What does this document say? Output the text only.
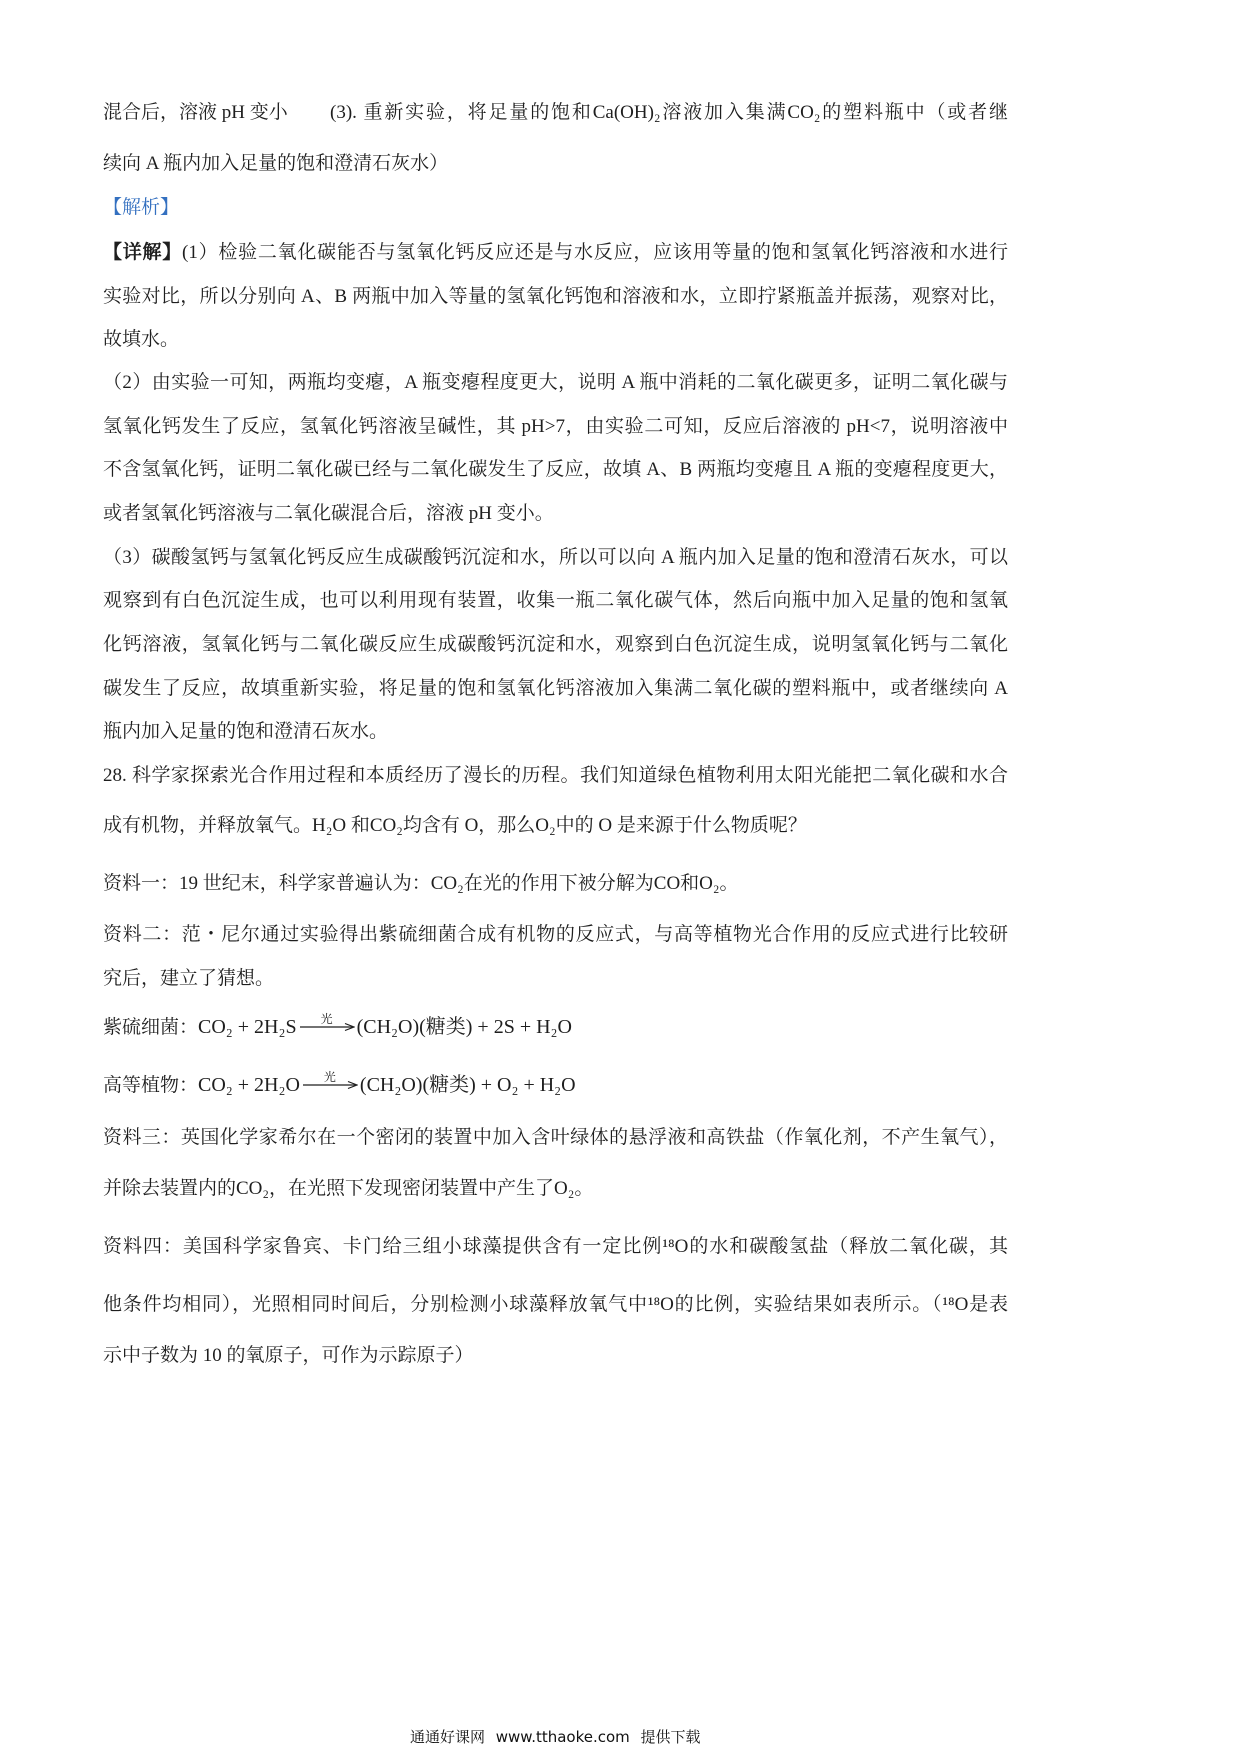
混合后，溶液 pH 变小 (3). 重新实验，将足量的饱和Ca(OH)₂溶液加入集满CO₂的塑料瓶中（或者继
续向 A 瓶内加入足量的饱和澄清石灰水）
【解析】
【详解】(1）检验二氧化碳能否与氢氧化钙反应还是与水反应，应该用等量的饱和氢氧化钙溶液和水进行
实验对比，所以分别向 A、B 两瓶中加入等量的氢氧化钙饱和溶液和水，立即拧紧瓶盖并振荡，观察对比，
故填水。
（2）由实验一可知，两瓶均变瘪，A 瓶变瘪程度更大，说明 A 瓶中消耗的二氧化碳更多，证明二氧化碳与
氢氧化钙发生了反应，氢氧化钙溶液呈碱性，其 pH>7，由实验二可知，反应后溶液的 pH<7，说明溶液中
不含氢氧化钙，证明二氧化碳已经与二氧化碳发生了反应，故填 A、B 两瓶均变瘪且 A 瓶的变瘪程度更大，
或者氢氧化钙溶液与二氧化碳混合后，溶液 pH 变小。
（3）碳酸氢钙与氢氧化钙反应生成碳酸钙沉淀和水，所以可以向 A 瓶内加入足量的饱和澄清石灰水，可以
观察到有白色沉淀生成，也可以利用现有装置，收集一瓶二氧化碳气体，然后向瓶中加入足量的饱和氢氧
化钙溶液，氢氧化钙与二氧化碳反应生成碳酸钙沉淀和水，观察到白色沉淀生成，说明氢氧化钙与二氧化
碳发生了反应，故填重新实验，将足量的饱和氢氧化钙溶液加入集满二氧化碳的塑料瓶中，或者继续向 A
瓶内加入足量的饱和澄清石灰水。
28. 科学家探索光合作用过程和本质经历了漫长的历程。我们知道绿色植物利用太阳光能把二氧化碳和水合
成有机物，并释放氧气。H₂O 和CO₂均含有 O，那么O₂中的 O 是来源于什么物质呢？
资料一：19 世纪末，科学家普遍认为：CO₂在光的作用下被分解为CO和O₂。
资料二：范・尼尔通过实验得出紫硫细菌合成有机物的反应式，与高等植物光合作用的反应式进行比较研
究后，建立了猜想。
紫硫细菌：CO₂ + 2H₂S	光	(CH₂O)(糖类) + 2S + H₂O
高等植物：CO₂ + 2H₂O	光	(CH₂O)(糖类) + O₂ + H₂O
资料三：英国化学家希尔在一个密闭的装置中加入含叶绿体的悬浮液和高铁盐（作氧化剂，不产生氧气），
并除去装置内的CO₂，在光照下发现密闭装置中产生了O₂。
资料四：美国科学家鲁宾、卡门给三组小球藻提供含有一定比例¹⁸O的水和碳酸氢盐（释放二氧化碳，其
他条件均相同），光照相同时间后，分别检测小球藻释放氧气中¹⁸O的比例，实验结果如表所示。（¹⁸O是表
示中子数为 10 的氧原子，可作为示踪原子）
通通好课网 www.tthaoke.com 提供下载
